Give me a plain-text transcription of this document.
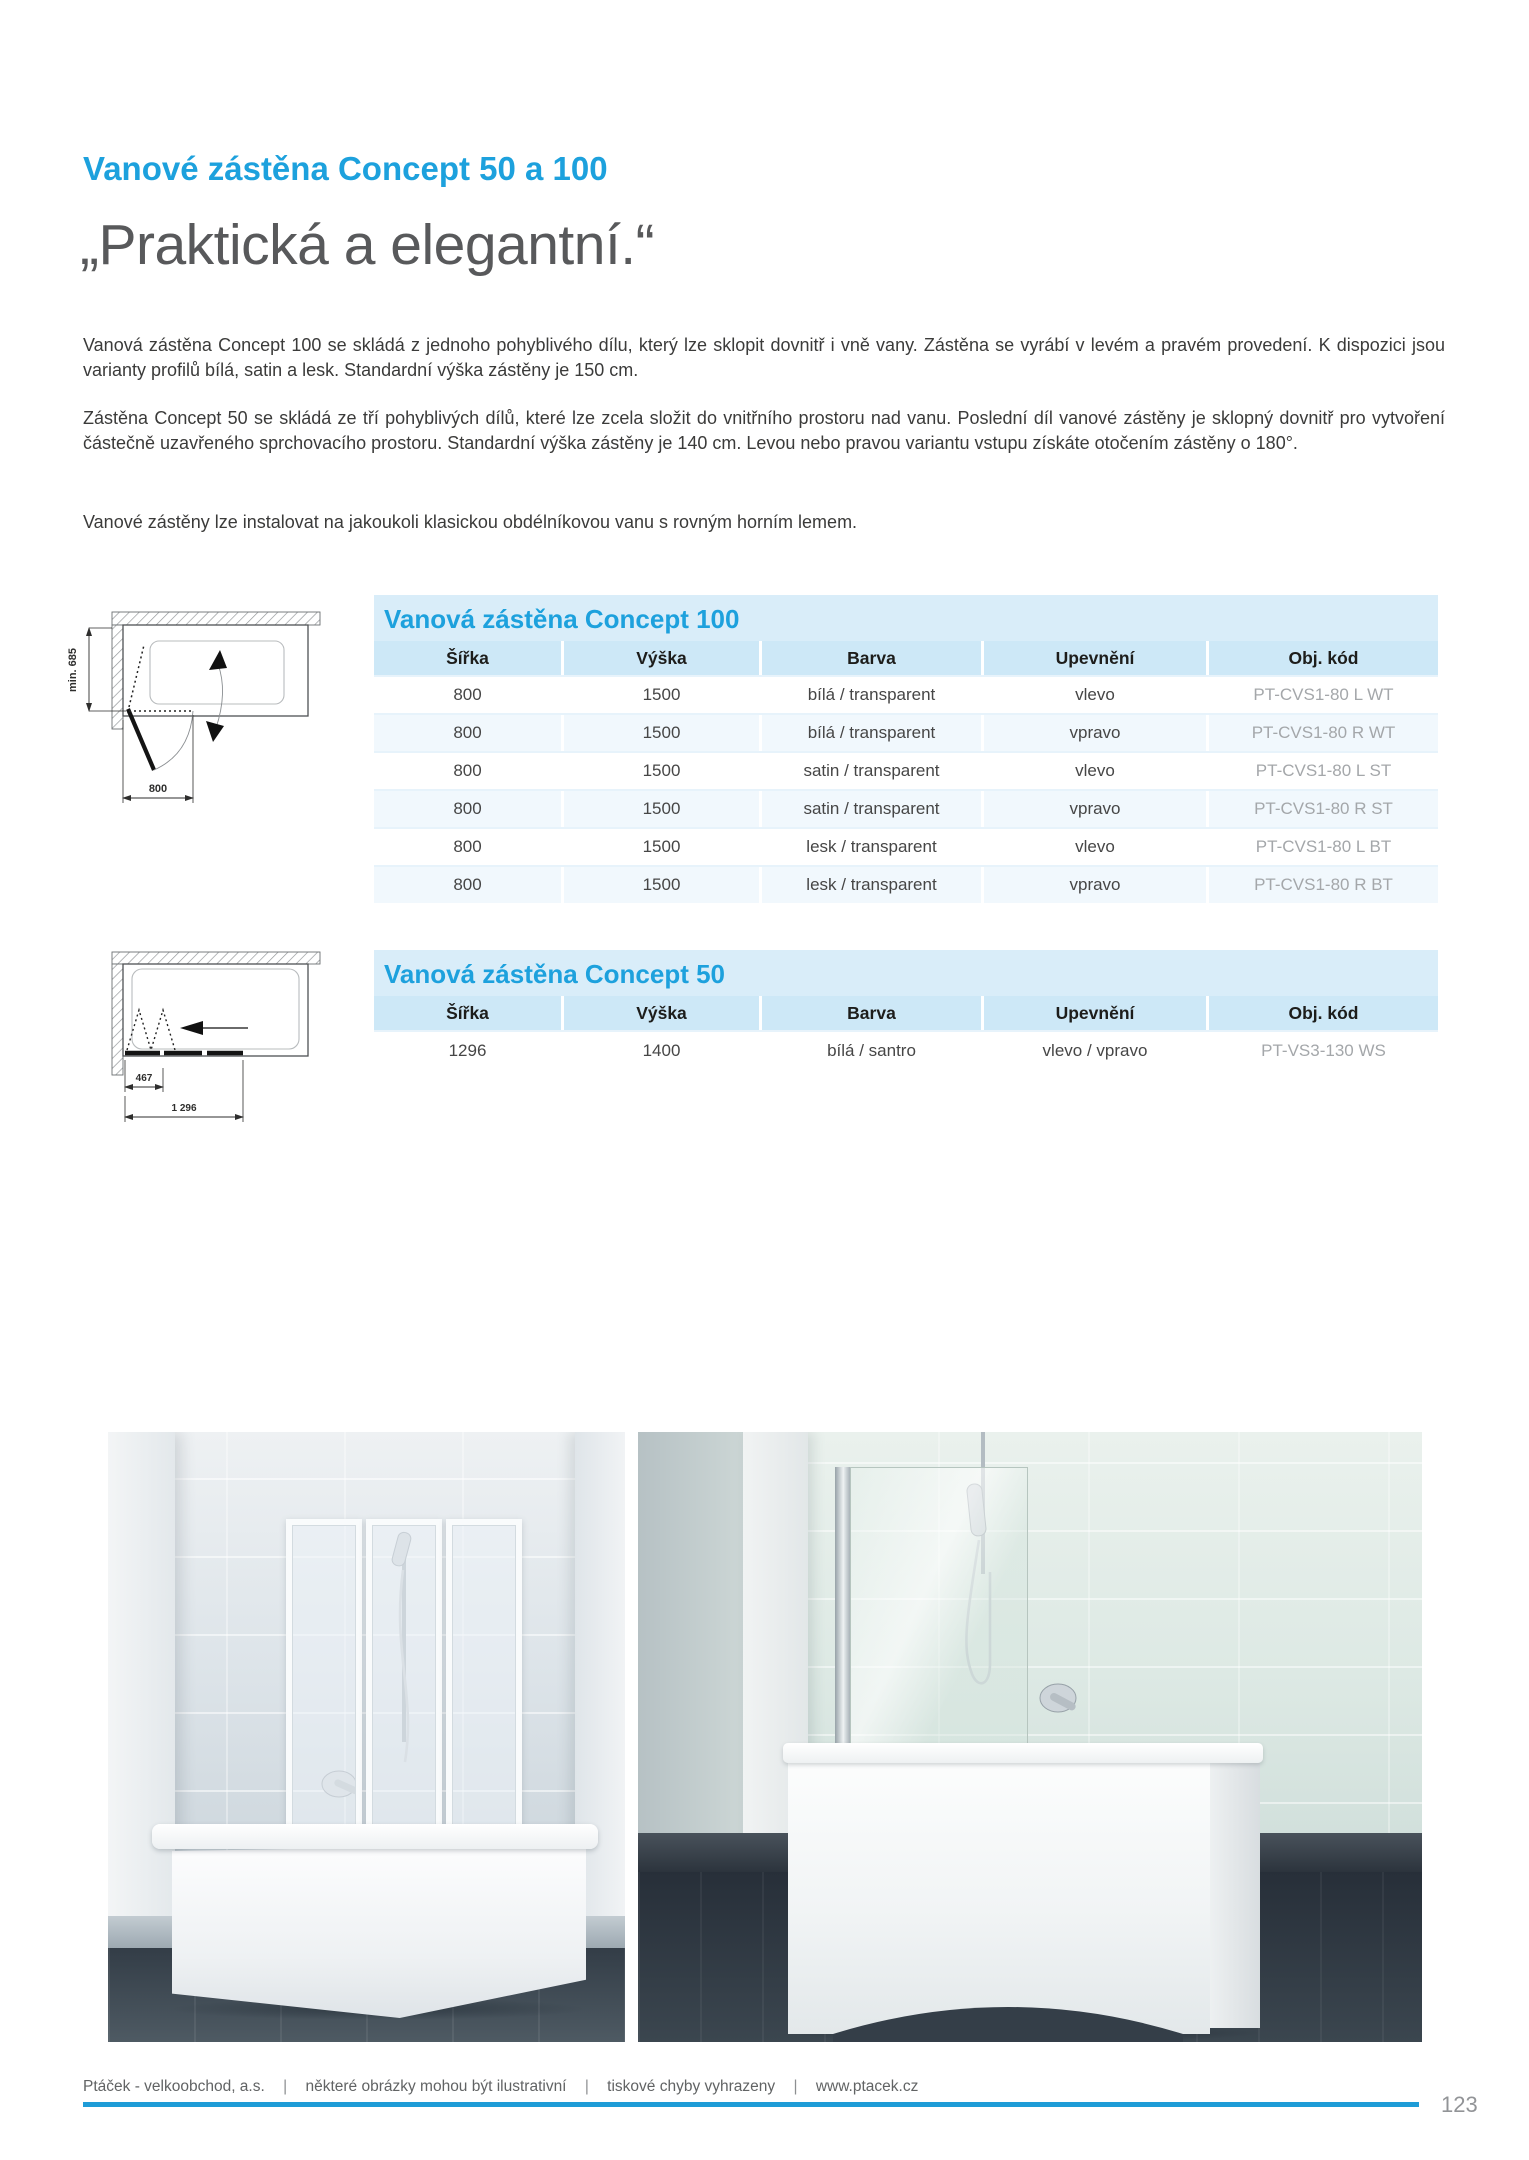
Vanové zástěna Concept 50 a 100
„Praktická a elegantní.“

Vanová zástěna Concept 100 se skládá z jednoho pohyblivého dílu, který lze sklopit dovnitř i vně vany. Zástěna se vyrábí v levém a pravém provedení. K dispozici jsou varianty profilů bílá, satin a lesk. Standardní výška zástěny je 150 cm.

Zástěna Concept 50 se skládá ze tří pohyblivých dílů, které lze zcela složit do vnitřního prostoru nad vanu. Poslední díl vanové zástěny je sklopný dovnitř pro vytvoření částečně uzavřeného sprchovacího prostoru. Standardní výška zástěny je 140 cm. Levou nebo pravou variantu vstupu získáte otočením zástěny o 180°.

Vanové zástěny lze instalovat na jakoukoli klasickou obdélníkovou vanu s rovným horním lemem.

min. 685
800
Vanová zástěna Concept 100
Šířka	Výška	Barva	Upevnění	Obj. kód
800	1500	bílá / transparent	vlevo	PT-CVS1-80 L WT
800	1500	bílá / transparent	vpravo	PT-CVS1-80 R WT
800	1500	satin / transparent	vlevo	PT-CVS1-80 L ST
800	1500	satin / transparent	vpravo	PT-CVS1-80 R ST
800	1500	lesk / transparent	vlevo	PT-CVS1-80 L BT
800	1500	lesk / transparent	vpravo	PT-CVS1-80 R BT
467
1 296
Vanová zástěna Concept 50
Šířka	Výška	Barva	Upevnění	Obj. kód
1296	1400	bílá / santro	vlevo / vpravo	PT-VS3-130 WS
Ptáček - velkoobchod, a.s. | některé obrázky mohou být ilustrativní | tiskové chyby vyhrazeny | www.ptacek.cz
123
